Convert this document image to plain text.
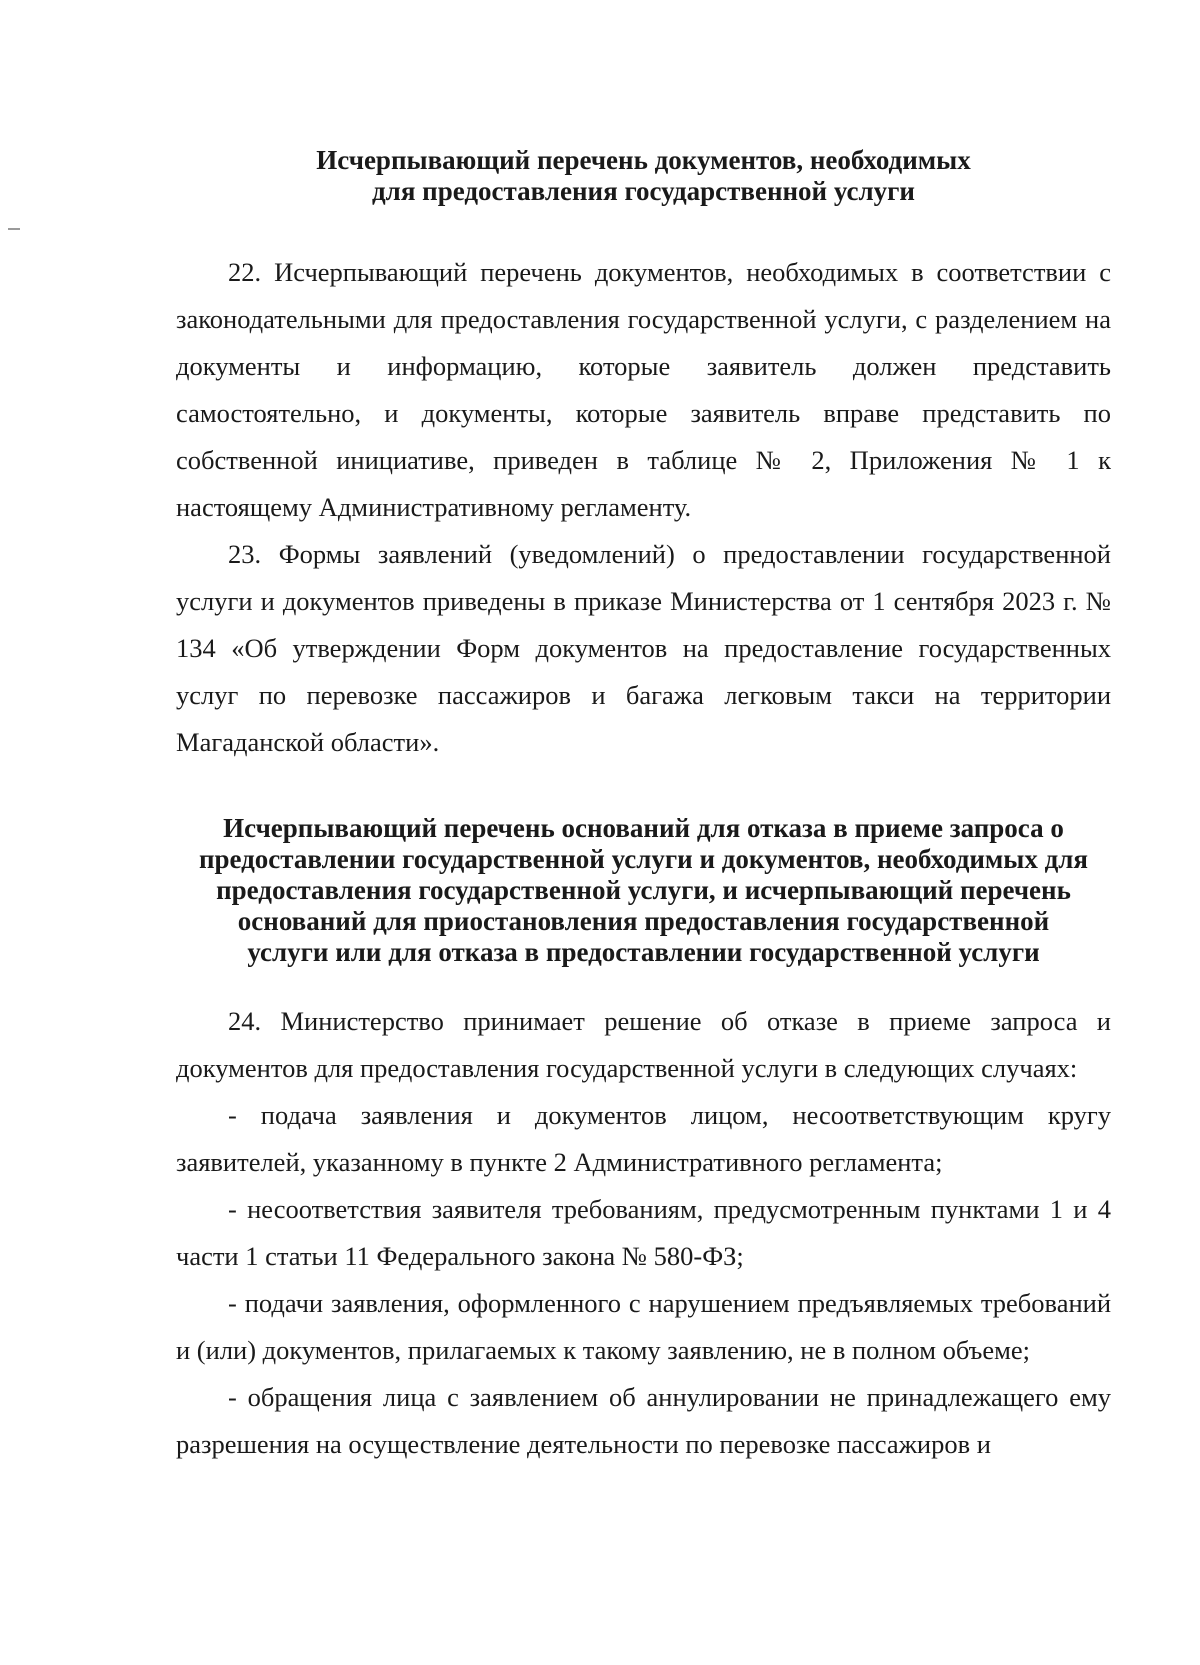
Исчерпывающий перечень документов, необходимых
для предоставления государственной услуги

22. Исчерпывающий перечень документов, необходимых в соответствии с законодательными для предоставления государственной услуги, с разделением на документы и информацию, которые заявитель должен представить самостоятельно, и документы, которые заявитель вправе представить по собственной инициативе, приведен в таблице № 2, Приложения № 1 к настоящему Административному регламенту.

23. Формы заявлений (уведомлений) о предоставлении государственной услуги и документов приведены в приказе Министерства от 1 сентября 2023 г. № 134 «Об утверждении Форм документов на предоставление государственных услуг по перевозке пассажиров и багажа легковым такси на территории Магаданской области».

Исчерпывающий перечень оснований для отказа в приеме запроса о
предоставлении государственной услуги и документов, необходимых для
предоставления государственной услуги, и исчерпывающий перечень
оснований для приостановления предоставления государственной
услуги или для отказа в предоставлении государственной услуги

24. Министерство принимает решение об отказе в приеме запроса и документов для предоставления государственной услуги в следующих случаях:

- подача заявления и документов лицом, несоответствующим кругу заявителей, указанному в пункте 2 Административного регламента;

- несоответствия заявителя требованиям, предусмотренным пунктами 1 и 4 части 1 статьи 11 Федерального закона № 580-ФЗ;

- подачи заявления, оформленного с нарушением предъявляемых требований и (или) документов, прилагаемых к такому заявлению, не в полном объеме;

- обращения лица с заявлением об аннулировании не принадлежащего ему разрешения на осуществление деятельности по перевозке пассажиров и
